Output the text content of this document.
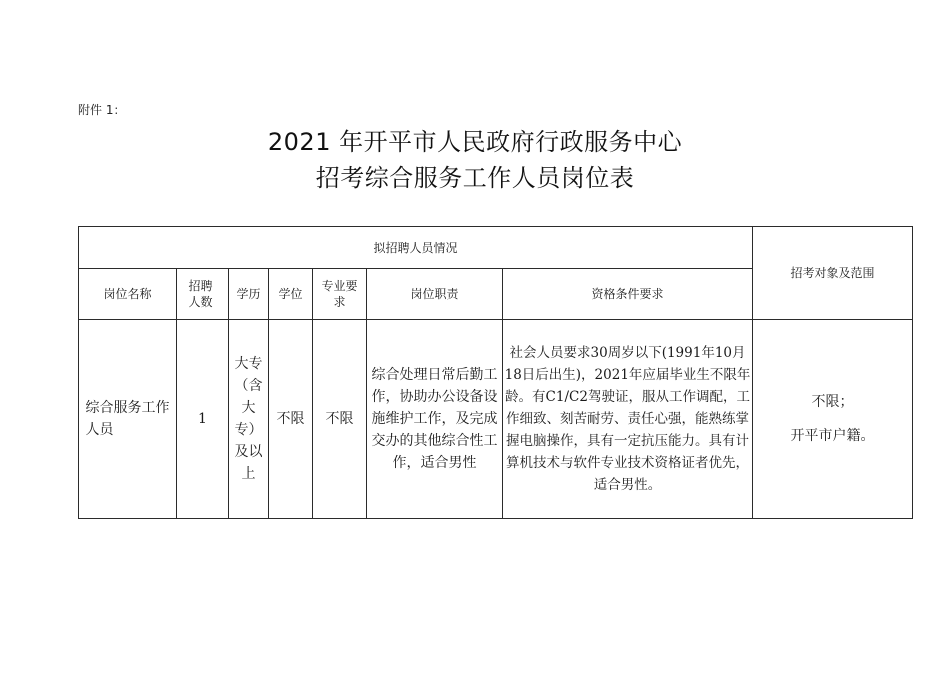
附件 1：
2021 年开平市人民政府行政服务中心
招考综合服务工作人员岗位表
拟招聘人员情况							招考对象及范围
岗位名称	招聘人数	学历	学位	专业要求	岗位职责	资格条件要求	

综合服务工作人员	1	大专（含大专）及以上	不限	不限	综合处理日常后勤工作，协助办公设备设施维护工作，及完成交办的其他综合性工作，适合男性	社会人员要求30周岁以下(1991年10月18日后出生)，2021年应届毕业生不限年龄。有C1/C2驾驶证，服从工作调配，工作细致、刻苦耐劳、责任心强，能熟练掌握电脑操作，具有一定抗压能力。具有计算机技术与软件专业技术资格证者优先，适合男性。	不限；
开平市户籍。
